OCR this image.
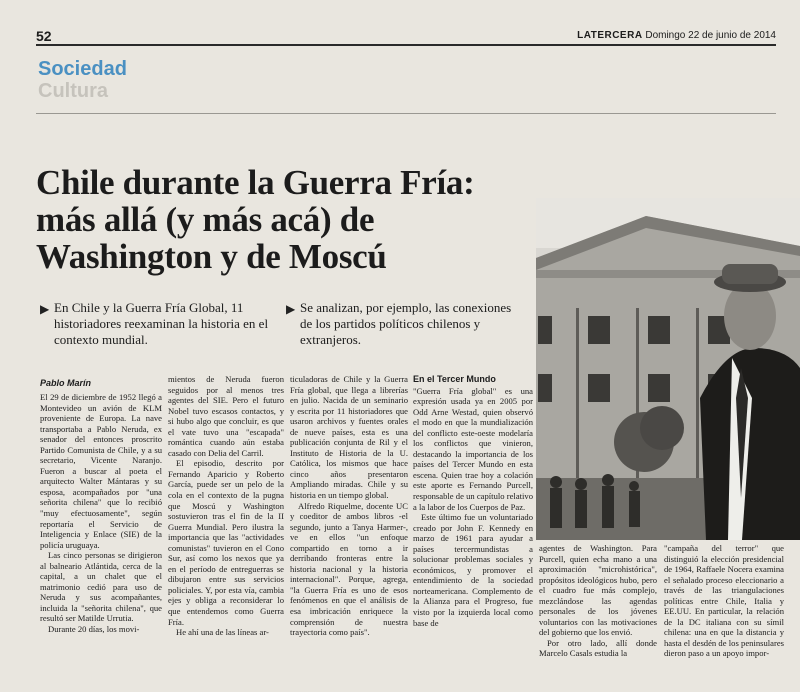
52	LATERCERA Domingo 22 de junio de 2014
Sociedad
Cultura
Chile durante la Guerra Fría:
más allá (y más acá) de
Washington y de Moscú
▶ En Chile y la Guerra Fría Global, 11 historiadores reexaminan la historia en el contexto mundial.
▶ Se analizan, por ejemplo, las conexiones de los partidos políticos chilenos y extranjeros.
Pablo Marín

El 29 de diciembre de 1952 llegó a Montevideo un avión de KLM proveniente de Europa. La nave transportaba a Pablo Neruda, ex senador del entonces proscrito Partido Comunista de Chile, y a su secretario, Vicente Naranjo. Fueron a buscar al poeta el arquitecto Walter Mántaras y su esposa, acompañados por "una señorita chilena" que lo recibió "muy efectuosamente", según reportaría el Servicio de Inteligencia y Enlace (SIE) de la policía uruguaya.

Las cinco personas se dirigieron al balneario Atlántida, cerca de la capital, a un chalet que el matrimonio cedió para uso de Neruda y sus acompañantes, incluida la "señorita chilena", que resultó ser Matilde Urrutia.

Durante 20 días, los movi-

mientos de Neruda fueron seguidos por al menos tres agentes del SIE. Pero el futuro Nobel tuvo escasos contactos, y si hubo algo que concluir, es que el vate tuvo una "escapada" romántica cuando aún estaba casado con Delia del Carril.

El episodio, descrito por Fernando Aparicio y Roberto García, puede ser un pelo de la cola en el contexto de la pugna que Moscú y Washington sostuvieron tras el fin de la II Guerra Mundial. Pero ilustra la importancia que las "actividades comunistas" tuvieron en el Cono Sur, así como los nexos que ya en el período de entreguerras se dibujaron entre sus servicios policiales. Y, por esta vía, cambia ejes y obliga a reconsiderar lo que entendemos como Guerra Fría.

He ahí una de las líneas ar-

ticuladoras de Chile y la Guerra Fría global, que llega a librerías en julio. Nacida de un seminario y escrita por 11 historiadores que usaron archivos y fuentes orales de nueve países, esta es una publicación conjunta de Ril y el Instituto de Historia de la U. Católica, los mismos que hace cinco años presentaron Ampliando miradas. Chile y su historia en un tiempo global.

Alfredo Riquelme, docente UC y coeditor de ambos libros -el segundo, junto a Tanya Harmer-, ve en ellos "un enfoque compartido en torno a ir derribando fronteras entre la historia nacional y la historia internacional". Porque, agrega, "la Guerra Fría es uno de esos fenómenos en que el análisis de esa imbricación enriquece la comprensión de nuestra trayectoria como país".

En el Tercer Mundo

"Guerra Fría global" es una expresión usada ya en 2005 por Odd Arne Westad, quien observó el modo en que la mundialización del conflicto este-oeste modelaría los conflictos que vinieron, destacando la importancia de los países del Tercer Mundo en esta escena. Quien trae hoy a colación este aporte es Fernando Purcell, responsable de un capítulo relativo a la labor de los Cuerpos de Paz.

Este último fue un voluntariado creado por John F. Kennedy en marzo de 1961 para ayudar a países tercermundistas a solucionar problemas sociales y económicos, y promover el entendimiento de la sociedad norteamericana. Complemento de la Alianza para el Progreso, fue visto por la izquierda local como base de

agentes de Washington. Para Purcell, quien echa mano a una aproximación "microhistórica", propósitos ideológicos hubo, pero el cuadro fue más complejo, mezclándose las agendas personales de los jóvenes voluntarios con las motivaciones del gobierno que los envió.

Por otro lado, allí donde Marcelo Casals estudia la

"campaña del terror" que distinguió la elección presidencial de 1964, Raffaele Nocera examina el señalado proceso eleccionario a través de las triangulaciones políticas entre Chile, Italia y EE.UU. En particular, la relación de la DC italiana con su símil chilena: una en que la distancia y hasta el desdén de los peninsulares dieron paso a un apoyo impor-
